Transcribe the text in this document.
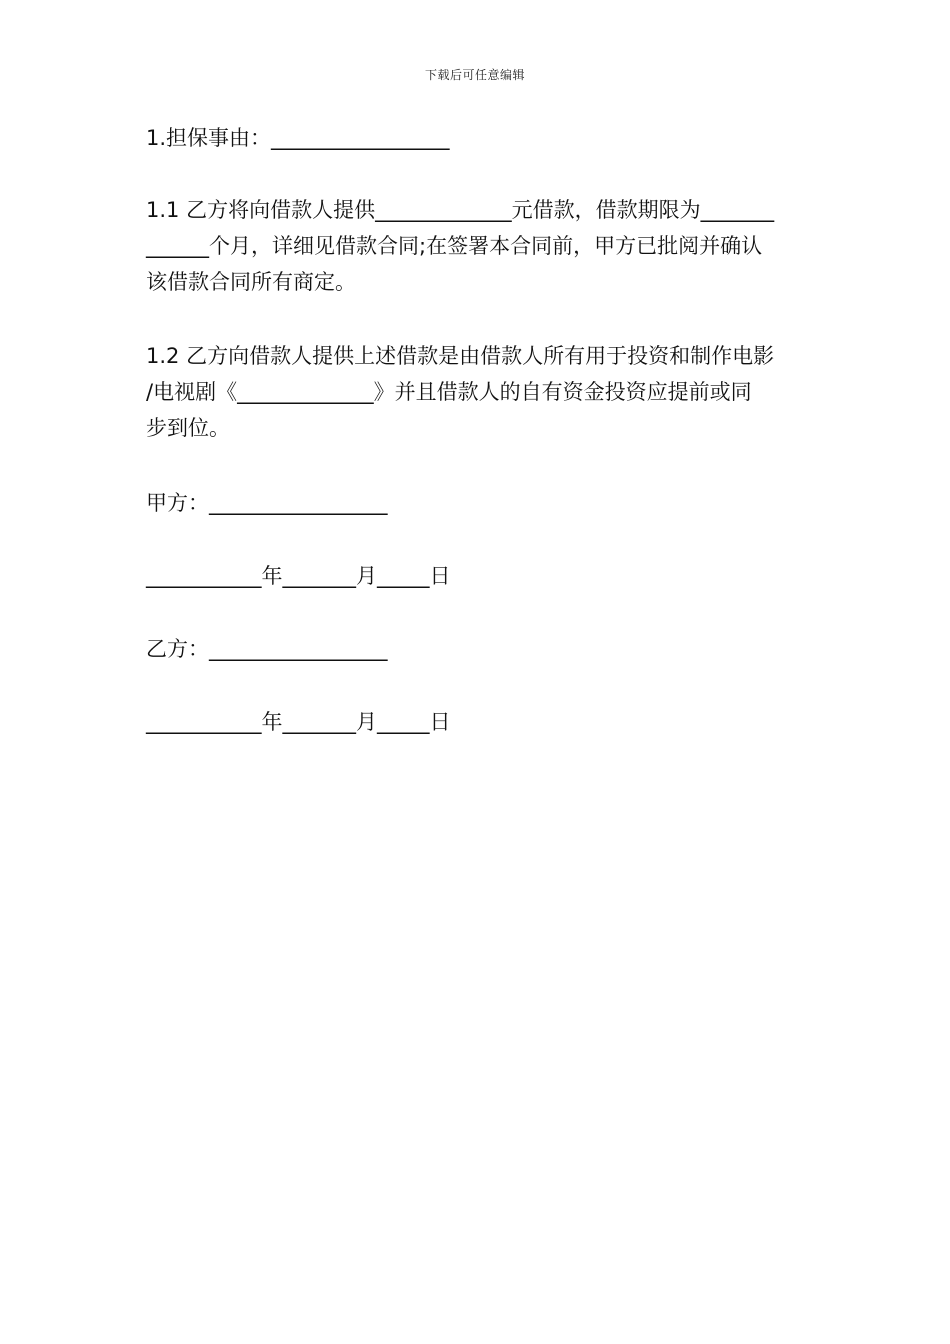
下载后可任意编辑
1.担保事由：_________________
1.1 乙方将向借款人提供_____________元借款，借款期限为_______
______个月，详细见借款合同;在签署本合同前，甲方已批阅并确认
该借款合同所有商定。
1.2 乙方向借款人提供上述借款是由借款人所有用于投资和制作电影
/电视剧《_____________》并且借款人的自有资金投资应提前或同
步到位。
甲方：_________________
___________年_______月_____日
乙方：_________________
___________年_______月_____日
